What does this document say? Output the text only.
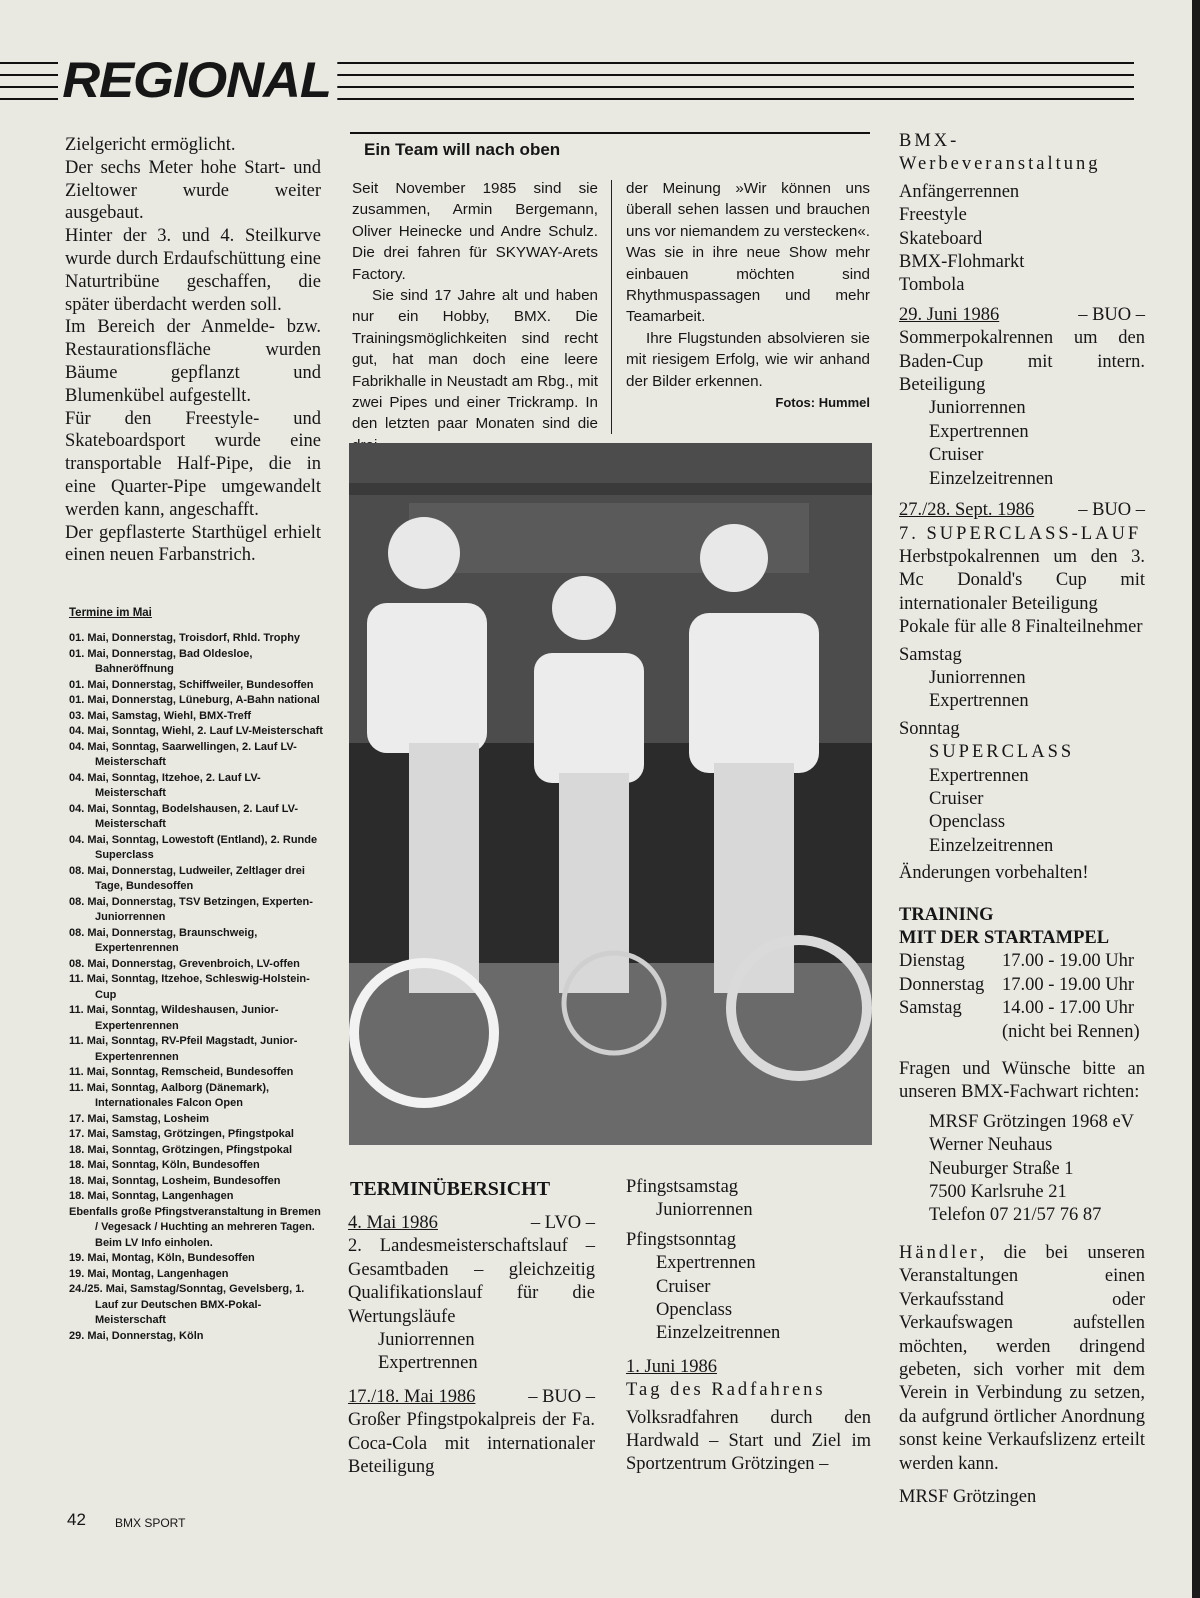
REGIONAL

Zielgericht ermöglicht.

Der sechs Meter hohe Start- und Zieltower wurde weiter ausgebaut.

Hinter der 3. und 4. Steilkurve wurde durch Erdaufschüttung eine Naturtribüne geschaffen, die später überdacht werden soll.

Im Bereich der Anmelde- bzw. Restaurationsfläche wurden Bäume gepflanzt und Blumenkübel aufgestellt.

Für den Freestyle- und Skateboardsport wurde eine transportable Half-Pipe, die in eine Quarter-Pipe umgewandelt werden kann, angeschafft.

Der gepflasterte Starthügel erhielt einen neuen Farbanstrich.

Termine im Mai
01. Mai, Donnerstag, Troisdorf, Rhld. Trophy
01. Mai, Donnerstag, Bad Oldesloe, Bahneröffnung
01. Mai, Donnerstag, Schiffweiler, Bundesoffen
01. Mai, Donnerstag, Lüneburg, A-Bahn national
03. Mai, Samstag, Wiehl, BMX-Treff
04. Mai, Sonntag, Wiehl, 2. Lauf LV-Meisterschaft
04. Mai, Sonntag, Saarwellingen, 2. Lauf LV-Meisterschaft
04. Mai, Sonntag, Itzehoe, 2. Lauf LV-Meisterschaft
04. Mai, Sonntag, Bodelshausen, 2. Lauf LV-Meisterschaft
04. Mai, Sonntag, Lowestoft (Entland), 2. Runde Superclass
08. Mai, Donnerstag, Ludweiler, Zeltlager drei Tage, Bundesoffen
08. Mai, Donnerstag, TSV Betzingen, Experten-Juniorrennen
08. Mai, Donnerstag, Braunschweig, Expertenrennen
08. Mai, Donnerstag, Grevenbroich, LV-offen
11. Mai, Sonntag, Itzehoe, Schleswig-Holstein-Cup
11. Mai, Sonntag, Wildeshausen, Junior-Expertenrennen
11. Mai, Sonntag, RV-Pfeil Magstadt, Junior-Expertenrennen
11. Mai, Sonntag, Remscheid, Bundesoffen
11. Mai, Sonntag, Aalborg (Dänemark), Internationales Falcon Open
17. Mai, Samstag, Losheim
17. Mai, Samstag, Grötzingen, Pfingstpokal
18. Mai, Sonntag, Grötzingen, Pfingstpokal
18. Mai, Sonntag, Köln, Bundesoffen
18. Mai, Sonntag, Losheim, Bundesoffen
18. Mai, Sonntag, Langenhagen
Ebenfalls große Pfingstveranstaltung in Bremen / Vegesack / Huchting an mehreren Tagen. Beim LV Info einholen.
19. Mai, Montag, Köln, Bundesoffen
19. Mai, Montag, Langenhagen
24./25. Mai, Samstag/Sonntag, Gevelsberg, 1. Lauf zur Deutschen BMX-Pokal-Meisterschaft
29. Mai, Donnerstag, Köln
Ein Team will nach oben

Seit November 1985 sind sie zusammen, Armin Bergemann, Oliver Heinecke und Andre Schulz. Die drei fahren für SKYWAY-Arets Factory.

Sie sind 17 Jahre alt und haben nur ein Hobby, BMX. Die Trainingsmöglichkeiten sind recht gut, hat man doch eine leere Fabrikhalle in Neustadt am Rbg., mit zwei Pipes und einer Trickramp. In den letzten paar Monaten sind die

der Meinung »Wir können uns überall sehen lassen und brauchen uns vor niemandem zu verstecken«. Was sie in ihre neue Show mehr einbauen möchten sind Rhythmuspassagen und mehr Teamarbeit.

Ihre Flugstunden absolvieren sie mit riesigem Erfolg, wie wir anhand der Bilder erkennen.

Fotos: Hummel
TERMINÜBERSICHT
4. Mai 1986	– LVO –

2. Landesmeisterschaftslauf – Gesamtbaden – gleichzeitig Qualifikationslauf für die Wertungsläufe

Juniorrennen

Expertrennen

17./18. Mai 1986	– BUO –

Großer Pfingstpokalpreis der Fa. Coca-Cola mit internationaler Beteiligung

Pfingstsamstag

Juniorrennen

Pfingstsonntag

Expertrennen

Cruiser

Openclass

Einzelzeitrennen

1. Juni 1986

Tag des Radfahrens

Volksradfahren durch den Hardwald – Start und Ziel im Sportzentrum Grötzingen –

BMX-

Werbeveranstaltung

Anfängerrennen

Freestyle

Skateboard

BMX-Flohmarkt

Tombola

29. Juni 1986	– BUO –

Sommerpokalrennen um den Baden-Cup mit intern. Beteiligung

Juniorrennen

Expertrennen

Cruiser

Einzelzeitrennen

27./28. Sept. 1986 – BUO –

7. SUPERCLASS-LAUF

Herbstpokalrennen um den 3. Mc Donald's Cup mit internationaler Beteiligung

Pokale für alle 8 Finalteilnehmer

Samstag

Juniorrennen

Expertrennen

Sonntag

SUPERCLASS

Expertrennen

Cruiser

Openclass

Einzelzeitrennen

Änderungen vorbehalten!

TRAINING

MIT DER STARTAMPEL

Dienstag	17.00 - 19.00 Uhr
Donnerstag 17.00 - 19.00 Uhr
Samstag	14.00 - 17.00 Uhr

(nicht bei Rennen)

Fragen und Wünsche bitte an unseren BMX-Fachwart richten:

MRSF Grötzingen 1968 eV

Werner Neuhaus

Neuburger Straße 1

7500 Karlsruhe 21

Telefon 07 21/57 76 87

Händler, die bei unseren Veranstaltungen einen Verkaufsstand oder Verkaufswagen aufstellen möchten, werden dringend gebeten, sich vorher mit dem Verein in Verbindung zu setzen, da aufgrund örtlicher Anordnung sonst keine Verkaufslizenz erteilt werden kann.

MRSF Grötzingen

42 BMX SPORT
